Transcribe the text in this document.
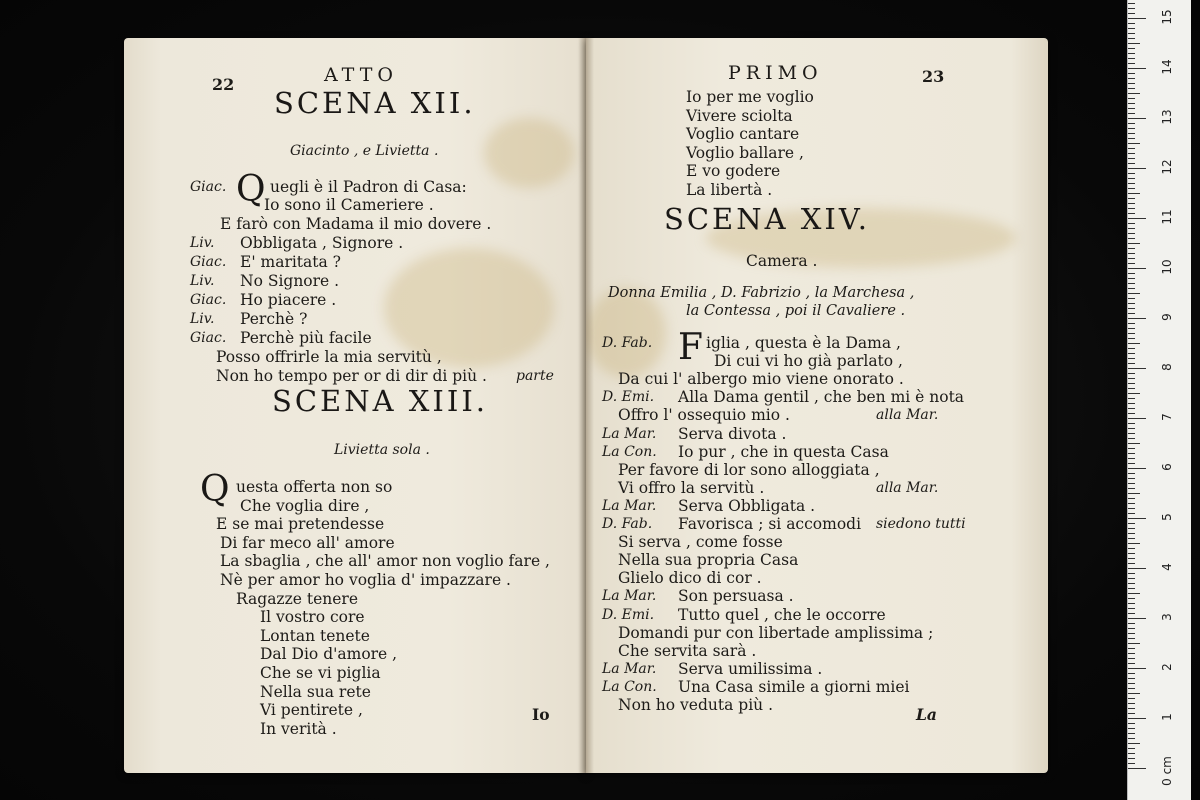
22	ATTO
SCENA XII.
Giacinto , e Livietta .
Giac. Q uegli è il Padron di Casa:
Io sono il Cameriere .
E farò con Madama il mio dovere .
Liv. Obbligata , Signore .
Giac. E' maritata ?
Liv. No Signore .
Giac. Ho piacere .
Liv. Perchè ?
Giac. Perchè più facile
Posso offrirle la mia servitù ,
Non ho tempo per or di dir di più . parte
SCENA XIII.
Livietta sola .
Q uesta offerta non so
Che voglia dire ,
E se mai pretendesse
Di far meco all' amore
La sbaglia , che all' amor non voglio fare ,
Nè per amor ho voglia d' impazzare .
Ragazze tenere
Il vostro core
Lontan tenete
Dal Dio d'amore ,
Che se vi piglia
Nella sua rete
Vi pentirete ,
In verità .
Io
PRIMO	23
Io per me voglio
Vivere sciolta
Voglio cantare
Voglio ballare ,
E vo godere
La libertà .
SCENA XIV.
Camera .
Donna Emilia , D. Fabrizio , la Marchesa ,
la Contessa , poi il Cavaliere .
D. Fab. F iglia , questa è la Dama ,
Di cui vi ho già parlato ,
Da cui l' albergo mio viene onorato .
D. Emi. Alla Dama gentil , che ben mi è nota
Offro l' ossequio mio .	alla Mar.
La Mar. Serva divota .
La Con. Io pur , che in questa Casa
Per favore di lor sono alloggiata ,
Vi offro la servitù .	alla Mar.
La Mar. Serva Obbligata .
D. Fab. Favorisca ; si accomodi siedono tutti
Si serva , come fosse
Nella sua propria Casa
Glielo dico di cor .
La Mar. Son persuasa .
D. Emi. Tutto quel , che le occorre
Domandi pur con libertade amplissima ;
Che servita sarà .
La Mar. Serva umilissima .
La Con. Una Casa simile a giorni miei
Non ho veduta più .	La
0 cm
1
2
3
4
5
6
7
8
9
10
11
12
13
14
15
